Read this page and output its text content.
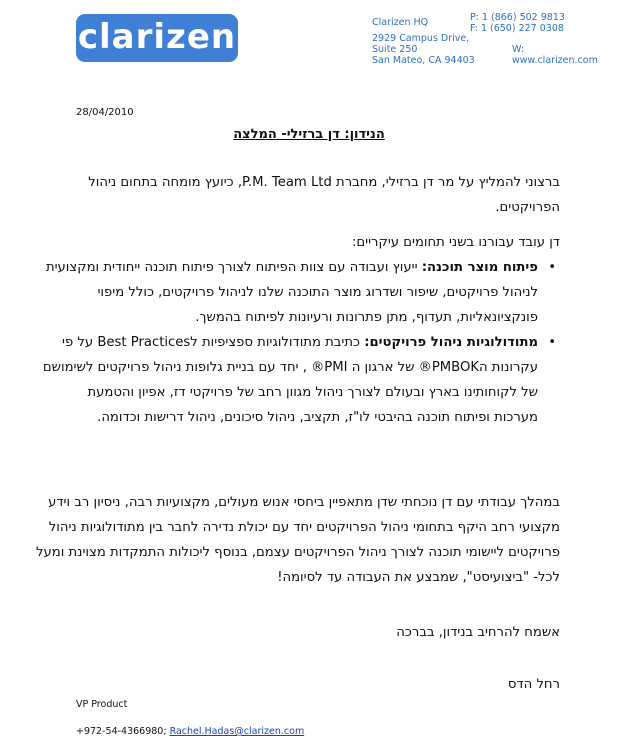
clarizen	Clarizen HQ
2929 Campus Drive,
Suite 250
San Mateo, CA 94403
P: 1 (866) 502 9813
F: 1 (650) 227 0308
W:
www.clarizen.com
28/04/2010
הנידון: דן ברזילי- המלצה

ברצוני להמליץ על מר דן ברזילי, מחברת P.M. Team Ltd, כיועץ מומחה בתחום ניהול הפרויקטים.

דן עובד עבורנו בשני תחומים עיקריים:

•
פיתוח מוצר תוכנה: ייעוץ ועבודה עם צוות הפיתוח לצורך פיתוח תוכנה ייחודית ומקצועית לניהול פרויקטים, שיפור ושדרוג מוצר התוכנה שלנו לניהול פרויקטים, כולל מיפוי פונקציונאליות, תעדוף, מתן פתרונות ורעיונות לפיתוח בהמשך.
•
מתודולוגיות ניהול פרויקטים: כתיבת מתודולוגיות ספציפיות לBest Practices על פי עקרונות הPMBOK® של ארגון ה PMI® , יחד עם בניית גלופות ניהול פרויקטים לשימושם של לקוחותינו בארץ ובעולם לצורך ניהול מגוון רחב של פרויקטי דז, אפיון והטמעת מערכות ופיתוח תוכנה בהיבטי לו"ז, תקציב, ניהול סיכונים, ניהול דרישות וכדומה.

במהלך עבודתי עם דן נוכחתי שדן מתאפיין ביחסי אנוש מעולים, מקצועיות רבה, ניסיון רב וידע מקצועי רחב היקף בתחומי ניהול הפרויקטים יחד עם יכולת נדירה לחבר בין מתודולוגיות ניהול פרויקטים ליישומי תוכנה לצורך ניהול הפרויקטים עצמם, בנוסף ליכולות התמקדות מצוינת ומעל לכל- "ביצועיסט", שמבצע את העבודה עד לסיומה!

אשמח להרחיב בנידון, בברכה

רחל הדס

VP Product
+972-54-4366980; Rachel.Hadas@clarizen.com
